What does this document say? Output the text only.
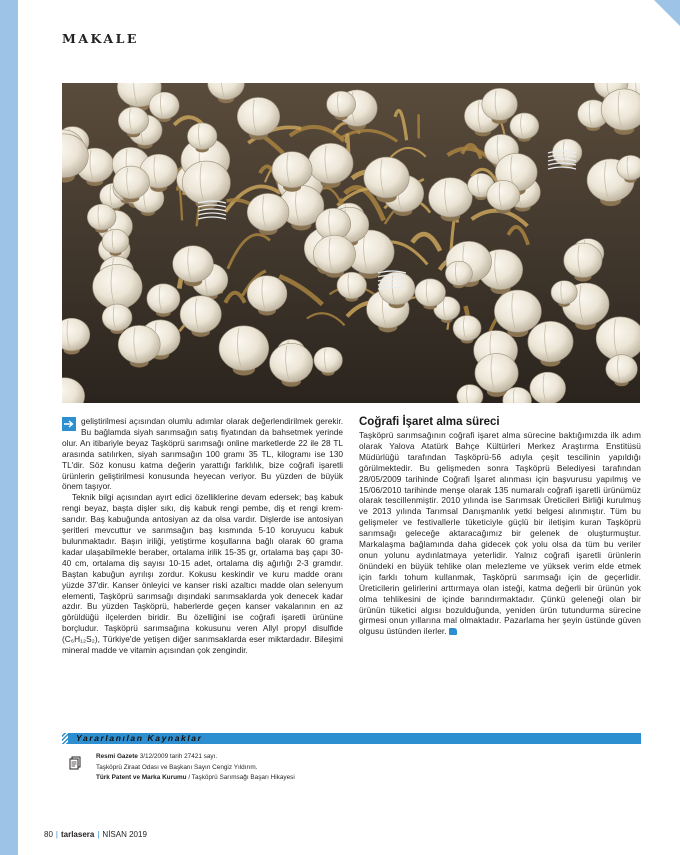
MAKALE

geliştirilmesi açısından olumlu adımlar olarak değerlendirilmek gerekir. Bu bağlamda siyah sarımsağın satış fiyatından da bahsetmek yerinde olur. An itibariyle beyaz Taşköprü sarımsağı online marketlerde 22 ile 28 TL arasında satılırken, siyah sarımsağın 100 gramı 35 TL, kilogramı ise 130 TL'dir. Söz konusu katma değerin yarattığı farklılık, bize coğrafi işaretli ürünlerin geliştirilmesi konusunda heyecan veriyor. Bu yüzden de büyük önem taşıyor.

Teknik bilgi açısından ayırt edici özelliklerine devam edersek; baş kabuk rengi beyaz, başta dişler sıkı, diş kabuk rengi pembe, diş et rengi krem-sarıdır. Baş kabuğunda antosiyan az da olsa vardır. Dişlerde ise antosiyan şeritleri mevcuttur ve sarımsağın baş kısmında 5-10 koruyucu kabuk bulunmaktadır. Başın iriliği, yetiştirme koşullarına bağlı olarak 60 grama kadar ulaşabilmekle beraber, ortalama irilik 15-35 gr, ortalama baş çapı 30-40 cm, ortalama diş sayısı 10-15 adet, ortalama diş ağırlığı 2-3 gramdır. Baştan kabuğun ayrılışı zordur. Kokusu keskindir ve kuru madde oranı yüzde 37'dir. Kanser önleyici ve kanser riski azaltıcı madde olan selenyum elementi, Taşköprü sarımsağı dışındaki sarımsaklarda yok denecek kadar azdır. Bu yüzden Taşköprü, haberlerde geçen kanser vakalarının en az görüldüğü ilçelerden biridir. Bu özelliğini ise coğrafi işaretli ürününe borçludur. Taşköprü sarımsağına kokusunu veren Allyl propyl disulfide (C₆H₁₂S₂), Türkiye'de yetişen diğer sarımsaklarda eser miktardadır. Bileşimi mineral madde ve vitamin açısından çok zengindir.

Coğrafi İşaret alma süreci

Taşköprü sarımsağının coğrafi işaret alma sürecine baktığımızda ilk adım olarak Yalova Atatürk Bahçe Kültürleri Merkez Araştırma Enstitüsü Müdürlüğü tarafından Taşköprü-56 adıyla çeşit tescilinin yapıldığı görülmektedir. Bu gelişmeden sonra Taşköprü Belediyesi tarafından 28/05/2009 tarihinde Coğrafi İşaret alınması için başvurusu yapılmış ve 15/06/2010 tarihinde menşe olarak 135 numaralı coğrafi işaretli ürünümüz olarak tescillenmiştir. 2010 yılında ise Sarımsak Üreticileri Birliği kurulmuş ve 2013 yılında Tarımsal Danışmanlık yetki belgesi alınmıştır. Tüm bu gelişmeler ve festivallerle tüketiciyle güçlü bir iletişim kuran Taşköprü sarımsağı geleceğe aktaracağımız bir gelenek de oluşturmuştur. Markalaşma bağlamında daha gidecek çok yolu olsa da tüm bu veriler onun yolunu aydınlatmaya yeterlidir. Yalnız coğrafi işaretli ürünlerin önündeki en büyük tehlike olan melezleme ve yüksek verim elde etmek için farklı tohum kullanmak, Taşköprü sarımsağı için de geçerlidir. Üreticilerin gelirlerini arttırmaya olan isteği, katma değerli bir ürünün yok olma tehlikesini de içinde barındırmaktadır. Çünkü geleneği olan bir ürünün tüketici algısı bozulduğunda, yeniden ürün tutundurma sürecine girmesi onun yıllarına mal olmaktadır. Pazarlama her şeyin üstünde güven olgusu üstünden ilerler.

Yararlanılan Kaynaklar
Resmi Gazete 3/12/2009 tarih 27421 sayı.
Taşköprü Ziraat Odası ve Başkanı Sayın Cengiz Yıldırım.
Türk Patent ve Marka Kurumu / Taşköprü Sarımsağı Başarı Hikayesi
80 | tarlasera | NİSAN 2019
